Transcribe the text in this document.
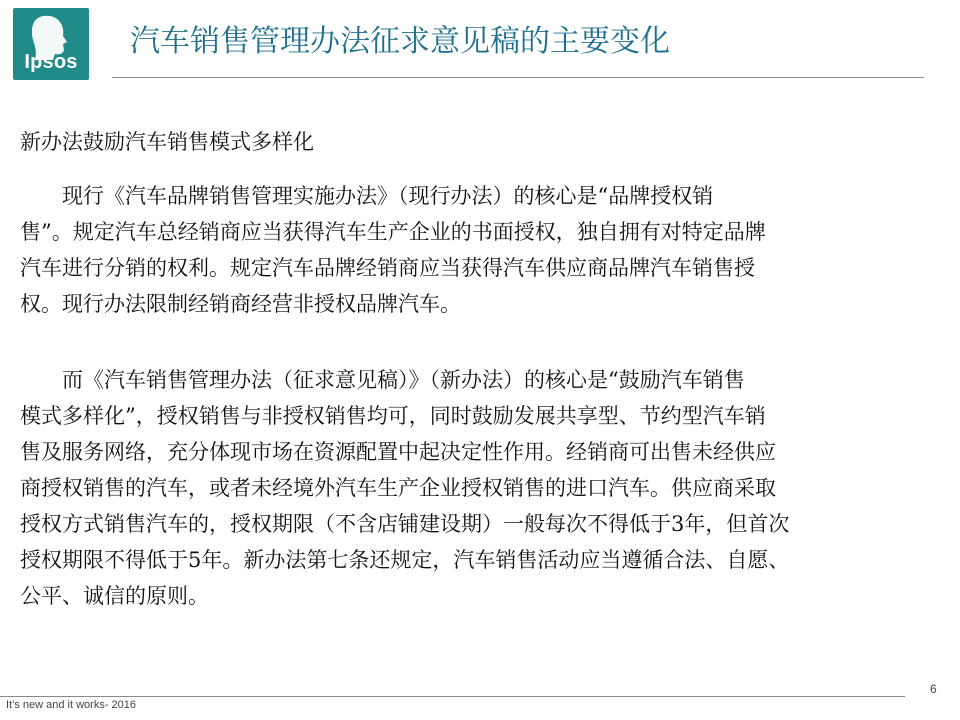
Ipsos
汽车销售管理办法征求意见稿的主要变化
新办法鼓励汽车销售模式多样化
　　现行《汽车品牌销售管理实施办法》（现行办法）的核心是“品牌授权销
售”。规定汽车总经销商应当获得汽车生产企业的书面授权，独自拥有对特定品牌
汽车进行分销的权利。规定汽车品牌经销商应当获得汽车供应商品牌汽车销售授
权。现行办法限制经销商经营非授权品牌汽车。
　　而《汽车销售管理办法（征求意见稿）》（新办法）的核心是“鼓励汽车销售
模式多样化”，授权销售与非授权销售均可，同时鼓励发展共享型、节约型汽车销
售及服务网络，充分体现市场在资源配置中起决定性作用。经销商可出售未经供应
商授权销售的汽车，或者未经境外汽车生产企业授权销售的进口汽车。供应商采取
授权方式销售汽车的，授权期限（不含店铺建设期）一般每次不得低于3年，但首次
授权期限不得低于5年。新办法第七条还规定，汽车销售活动应当遵循合法、自愿、
公平、诚信的原则。
It’s new and it works- 2016
6
